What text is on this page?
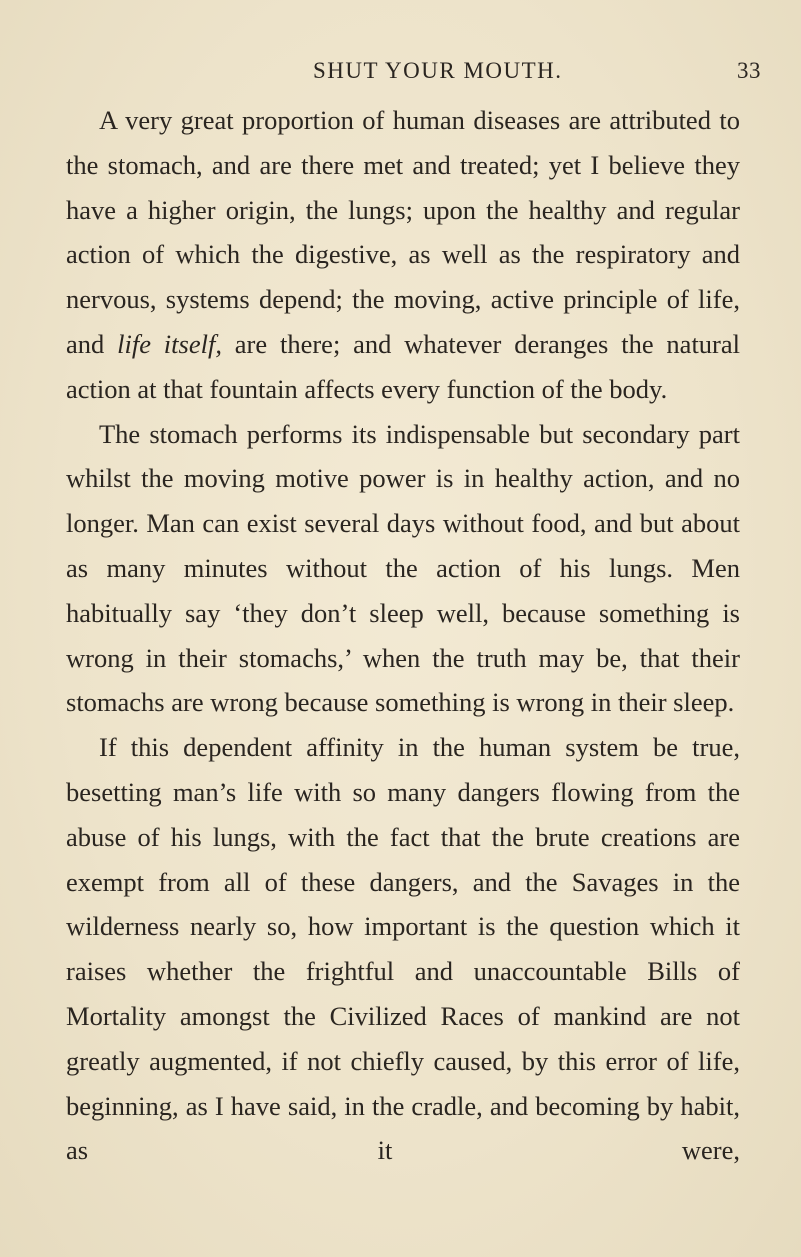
SHUT YOUR MOUTH.	33

A very great proportion of human diseases are attributed to the stomach, and are there met and treated; yet I believe they have a higher origin, the lungs; upon the healthy and regular action of which the digestive, as well as the respiratory and nervous, systems depend; the moving, active principle of life, and life itself, are there; and whatever deranges the natural action at that fountain affects every function of the body.

The stomach performs its indispensable but secondary part whilst the moving motive power is in healthy action, and no longer. Man can exist several days without food, and but about as many minutes without the action of his lungs. Men habitually say ‘they don’t sleep well, because something is wrong in their stomachs,’ when the truth may be, that their stomachs are wrong because something is wrong in their sleep.

If this dependent affinity in the human system be true, besetting man’s life with so many dangers flowing from the abuse of his lungs, with the fact that the brute creations are exempt from all of these dangers, and the Savages in the wilderness nearly so, how important is the question which it raises whether the frightful and unaccountable Bills of Mortality amongst the Civilized Races of mankind are not greatly augmented, if not chiefly caused, by this error of life, beginning, as I have said, in the cradle, and becoming by habit, as it were,
